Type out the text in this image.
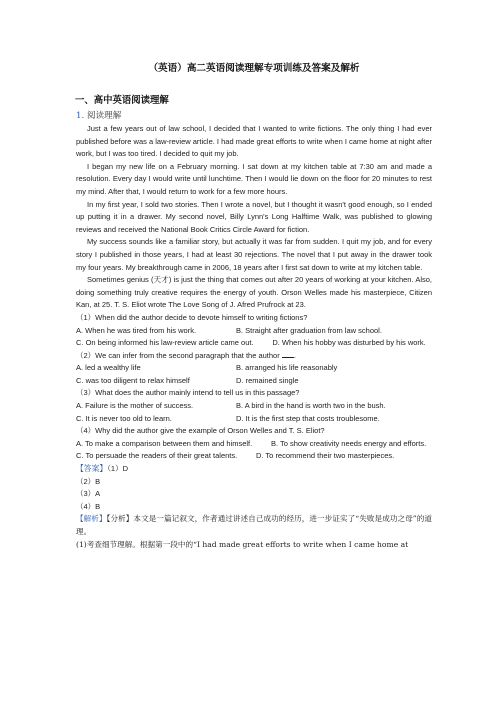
（英语）高二英语阅读理解专项训练及答案及解析
一、高中英语阅读理解
1. 阅读理解

Just a few years out of law school, I decided that I wanted to write fictions. The only thing I had ever published before was a law-review article. I had made great efforts to write when I came home at night after work, but I was too tired. I decided to quit my job.

I began my new life on a February morning. I sat down at my kitchen table at 7:30 am and made a resolution. Every day I would write until lunchtime. Then I would lie down on the floor for 20 minutes to rest my mind. After that, I would return to work for a few more hours.

In my first year, I sold two stories. Then I wrote a novel, but I thought it wasn't good enough, so I ended up putting it in a drawer. My second novel, Billy Lynn's Long Halftime Walk, was published to glowing reviews and received the National Book Critics Circle Award for fiction.

My success sounds like a familiar story, but actually it was far from sudden. I quit my job, and for every story I published in those years, I had at least 30 rejections. The novel that I put away in the drawer took my four years. My breakthrough came in 2006, 18 years after I first sat down to write at my kitchen table.

Sometimes genius (天才) is just the thing that comes out after 20 years of working at your kitchen. Also, doing something truly creative requires the energy of youth. Orson Welles made his masterpiece, Citizen Kan, at 25. T. S. Eliot wrote The Love Song of J. Afred Prufrock at 23.

（1）When did the author decide to devote himself to writing fictions?
A. When he was tired from his work.	B. Straight after graduation from law school.

C. On being informed his law-review article came out.	D. When his hobby was disturbed by his work.

（2）We can infer from the second paragraph that the author .
A. led a wealthy life	B. arranged his life reasonably
C. was too diligent to relax himself	D. remained single
（3）What does the author mainly intend to tell us in this passage?
A. Failure is the mother of success.	B. A bird in the hand is worth two in the bush.
C. It is never too old to learn.	D. It is the first step that costs troublesome.
（4）Why did the author give the example of Orson Welles and T. S. Eliot?

A. To make a comparison between them and himself.	B. To show creativity needs energy and efforts.

C. To persuade the readers of their great talents.	D. To recommend their two masterpieces.

【答案】（1）D
（2）B
（3）A
（4）B
【解析】【分析】本文是一篇记叙文，作者通过讲述自己成功的经历，进一步证实了“失败是成功之母”的道理。
(1)考查细节理解。根据第一段中的“I had made great efforts to write when I came home at
